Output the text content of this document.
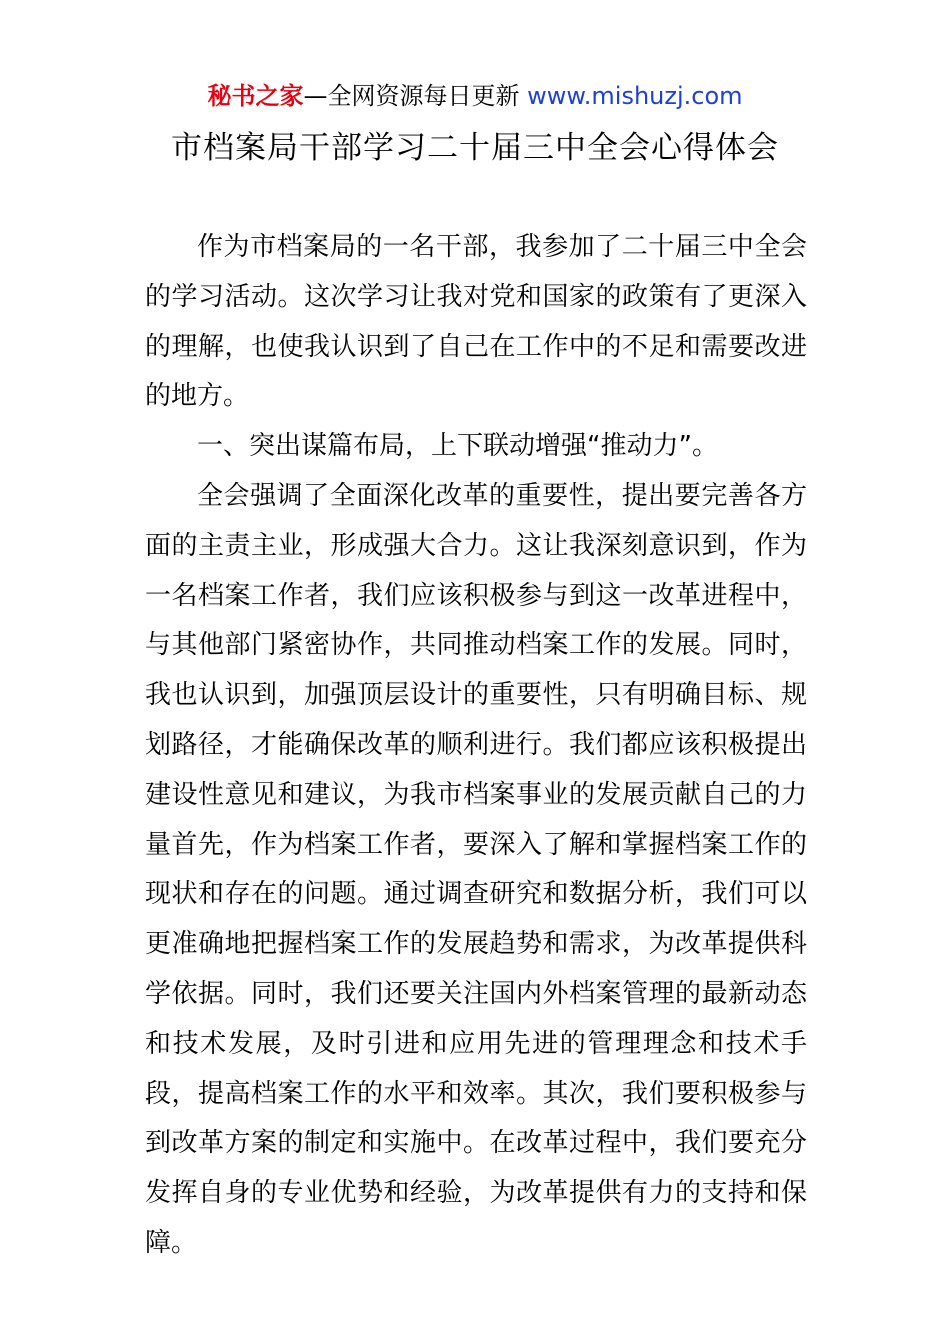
秘书之家—全网资源每日更新 www.mishuzj.com
市档案局干部学习二十届三中全会心得体会

作为市档案局的一名干部，我参加了二十届三中全会的学习活动。这次学习让我对党和国家的政策有了更深入的理解，也使我认识到了自己在工作中的不足和需要改进的地方。

一、突出谋篇布局，上下联动增强“推动力”。

全会强调了全面深化改革的重要性，提出要完善各方面的主责主业，形成强大合力。这让我深刻意识到，作为一名档案工作者，我们应该积极参与到这一改革进程中，与其他部门紧密协作，共同推动档案工作的发展。同时，我也认识到，加强顶层设计的重要性，只有明确目标、规划路径，才能确保改革的顺利进行。我们都应该积极提出建设性意见和建议，为我市档案事业的发展贡献自己的力量首先，作为档案工作者，要深入了解和掌握档案工作的现状和存在的问题。通过调查研究和数据分析，我们可以更准确地把握档案工作的发展趋势和需求，为改革提供科学依据。同时，我们还要关注国内外档案管理的最新动态和技术发展，及时引进和应用先进的管理理念和技术手段，提高档案工作的水平和效率。其次，我们要积极参与到改革方案的制定和实施中。在改革过程中，我们要充分发挥自身的专业优势和经验，为改革提供有力的支持和保障。
